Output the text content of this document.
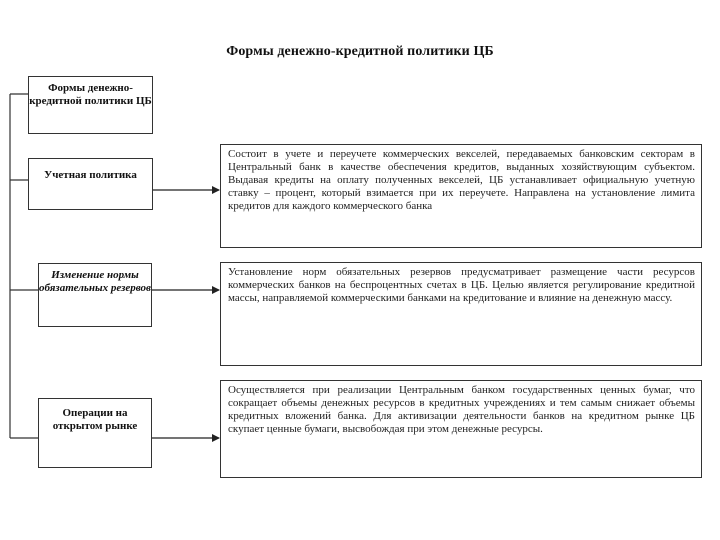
Формы денежно-кредитной политики ЦБ
Формы денежно-кредитной политики ЦБ
Учетная политика
Изменение нормы обязательных резервов
Операции на открытом рынке
Состоит в учете и переучете коммерческих векселей, передаваемых банковским секторам в Центральный банк в качестве обеспечения кредитов, выданных хозяйствующим субъектом. Выдавая кредиты на оплату полученных векселей, ЦБ устанавливает официальную учетную ставку – процент, который взимается при их переучете. Направлена на установление лимита кредитов для каждого коммерческого банка
Установление норм обязательных резервов предусматривает размещение части ресурсов коммерческих банков на беспроцентных счетах в ЦБ. Целью является регулирование кредитной массы, направляемой коммерческими банками на кредитование и влияние на денежную массу.
Осуществляется при реализации Центральным банком государственных ценных бумаг, что сокращает объемы денежных ресурсов в кредитных учреждениях и тем самым снижает объемы кредитных вложений банка. Для активизации деятельности банков на кредитном рынке ЦБ скупает ценные бумаги, высвобождая при этом денежные ресурсы.
